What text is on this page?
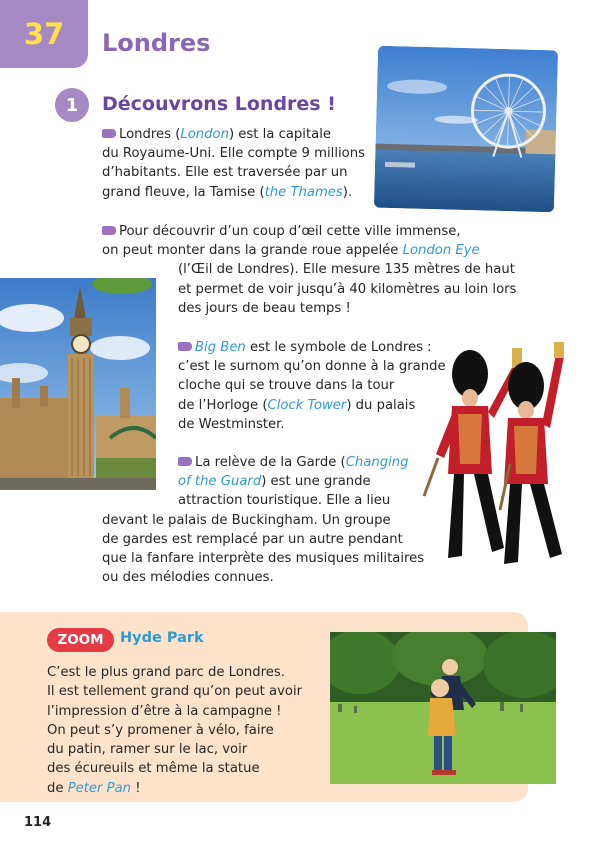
37 Londres
1	Découvrons Londres !
Londres (London) est la capitale
du Royaume-Uni. Elle compte 9 millions
d’habitants. Elle est traversée par un
grand fleuve, la Tamise (the Thames).
Pour découvrir d’un coup d’œil cette ville immense,
on peut monter dans la grande roue appelée London Eye
(l’Œil de Londres). Elle mesure 135 mètres de haut
et permet de voir jusqu’à 40 kilomètres au loin lors
des jours de beau temps !
Big Ben est le symbole de Londres :
c’est le surnom qu’on donne à la grande
cloche qui se trouve dans la tour
de l’Horloge (Clock Tower) du palais
de Westminster.
La relève de la Garde (Changing
of the Guard) est une grande
attraction touristique. Elle a lieu
devant le palais de Buckingham. Un groupe
de gardes est remplacé par un autre pendant
que la fanfare interprète des musiques militaires
ou des mélodies connues.
ZOOM	Hyde Park
C’est le plus grand parc de Londres.
Il est tellement grand qu’on peut avoir
l’impression d’être à la campagne !
On peut s’y promener à vélo, faire
du patin, ramer sur le lac, voir
des écureuils et même la statue
de Peter Pan !
114
